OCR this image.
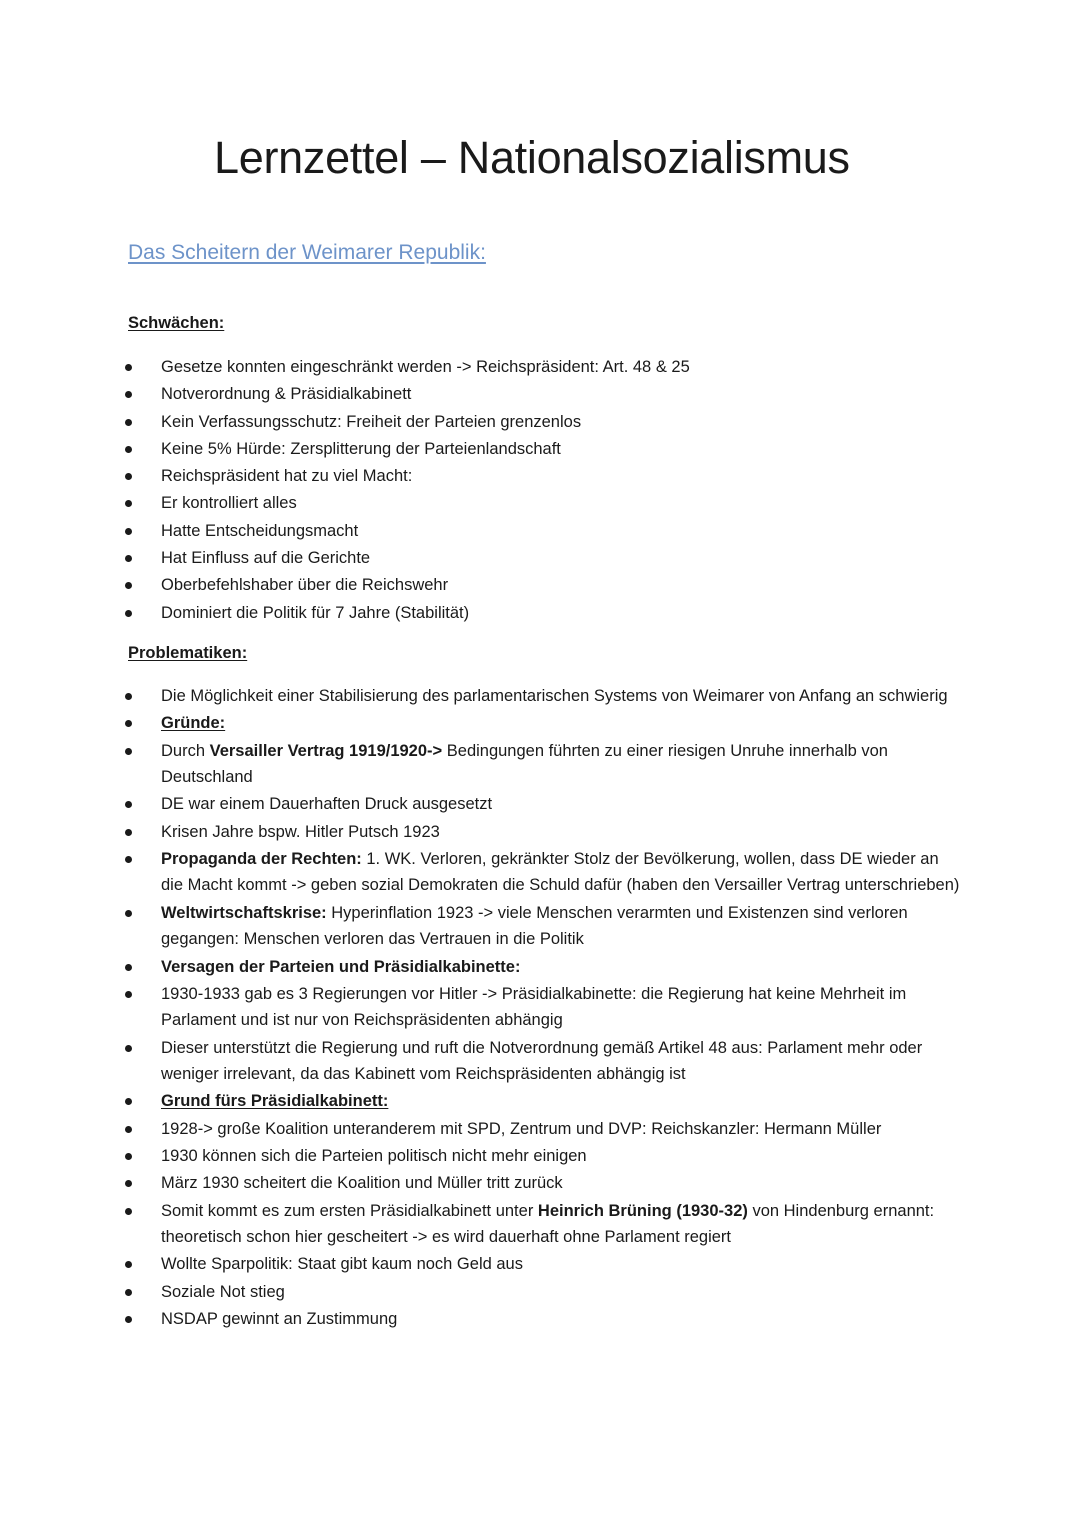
Lernzettel – Nationalsozialismus
Das Scheitern der Weimarer Republik:
Schwächen:
Gesetze konnten eingeschränkt werden -> Reichspräsident: Art. 48 & 25
Notverordnung & Präsidialkabinett
Kein Verfassungsschutz: Freiheit der Parteien grenzenlos
Keine 5% Hürde: Zersplitterung der Parteienlandschaft
Reichspräsident hat zu viel Macht:
Er kontrolliert alles
Hatte Entscheidungsmacht
Hat Einfluss auf die Gerichte
Oberbefehlshaber über die Reichswehr
Dominiert die Politik für 7 Jahre (Stabilität)
Problematiken:
Die Möglichkeit einer Stabilisierung des parlamentarischen Systems von Weimarer von Anfang an schwierig
Gründe:
Durch Versailler Vertrag 1919/1920-> Bedingungen führten zu einer riesigen Unruhe innerhalb von Deutschland
DE war einem Dauerhaften Druck ausgesetzt
Krisen Jahre bspw. Hitler Putsch 1923
Propaganda der Rechten: 1. WK. Verloren, gekränkter Stolz der Bevölkerung, wollen, dass DE wieder an die Macht kommt -> geben sozial Demokraten die Schuld dafür (haben den Versailler Vertrag unterschrieben)
Weltwirtschaftskrise: Hyperinflation 1923 -> viele Menschen verarmten und Existenzen sind verloren gegangen: Menschen verloren das Vertrauen in die Politik
Versagen der Parteien und Präsidialkabinette:
1930-1933 gab es 3 Regierungen vor Hitler -> Präsidialkabinette: die Regierung hat keine Mehrheit im Parlament und ist nur von Reichspräsidenten abhängig
Dieser unterstützt die Regierung und ruft die Notverordnung gemäß Artikel 48 aus: Parlament mehr oder weniger irrelevant, da das Kabinett vom Reichspräsidenten abhängig ist
Grund fürs Präsidialkabinett:
1928-> große Koalition unteranderem mit SPD, Zentrum und DVP: Reichskanzler: Hermann Müller
1930 können sich die Parteien politisch nicht mehr einigen
März 1930 scheitert die Koalition und Müller tritt zurück
Somit kommt es zum ersten Präsidialkabinett unter Heinrich Brüning (1930-32) von Hindenburg ernannt: theoretisch schon hier gescheitert -> es wird dauerhaft ohne Parlament regiert
Wollte Sparpolitik: Staat gibt kaum noch Geld aus
Soziale Not stieg
NSDAP gewinnt an Zustimmung
